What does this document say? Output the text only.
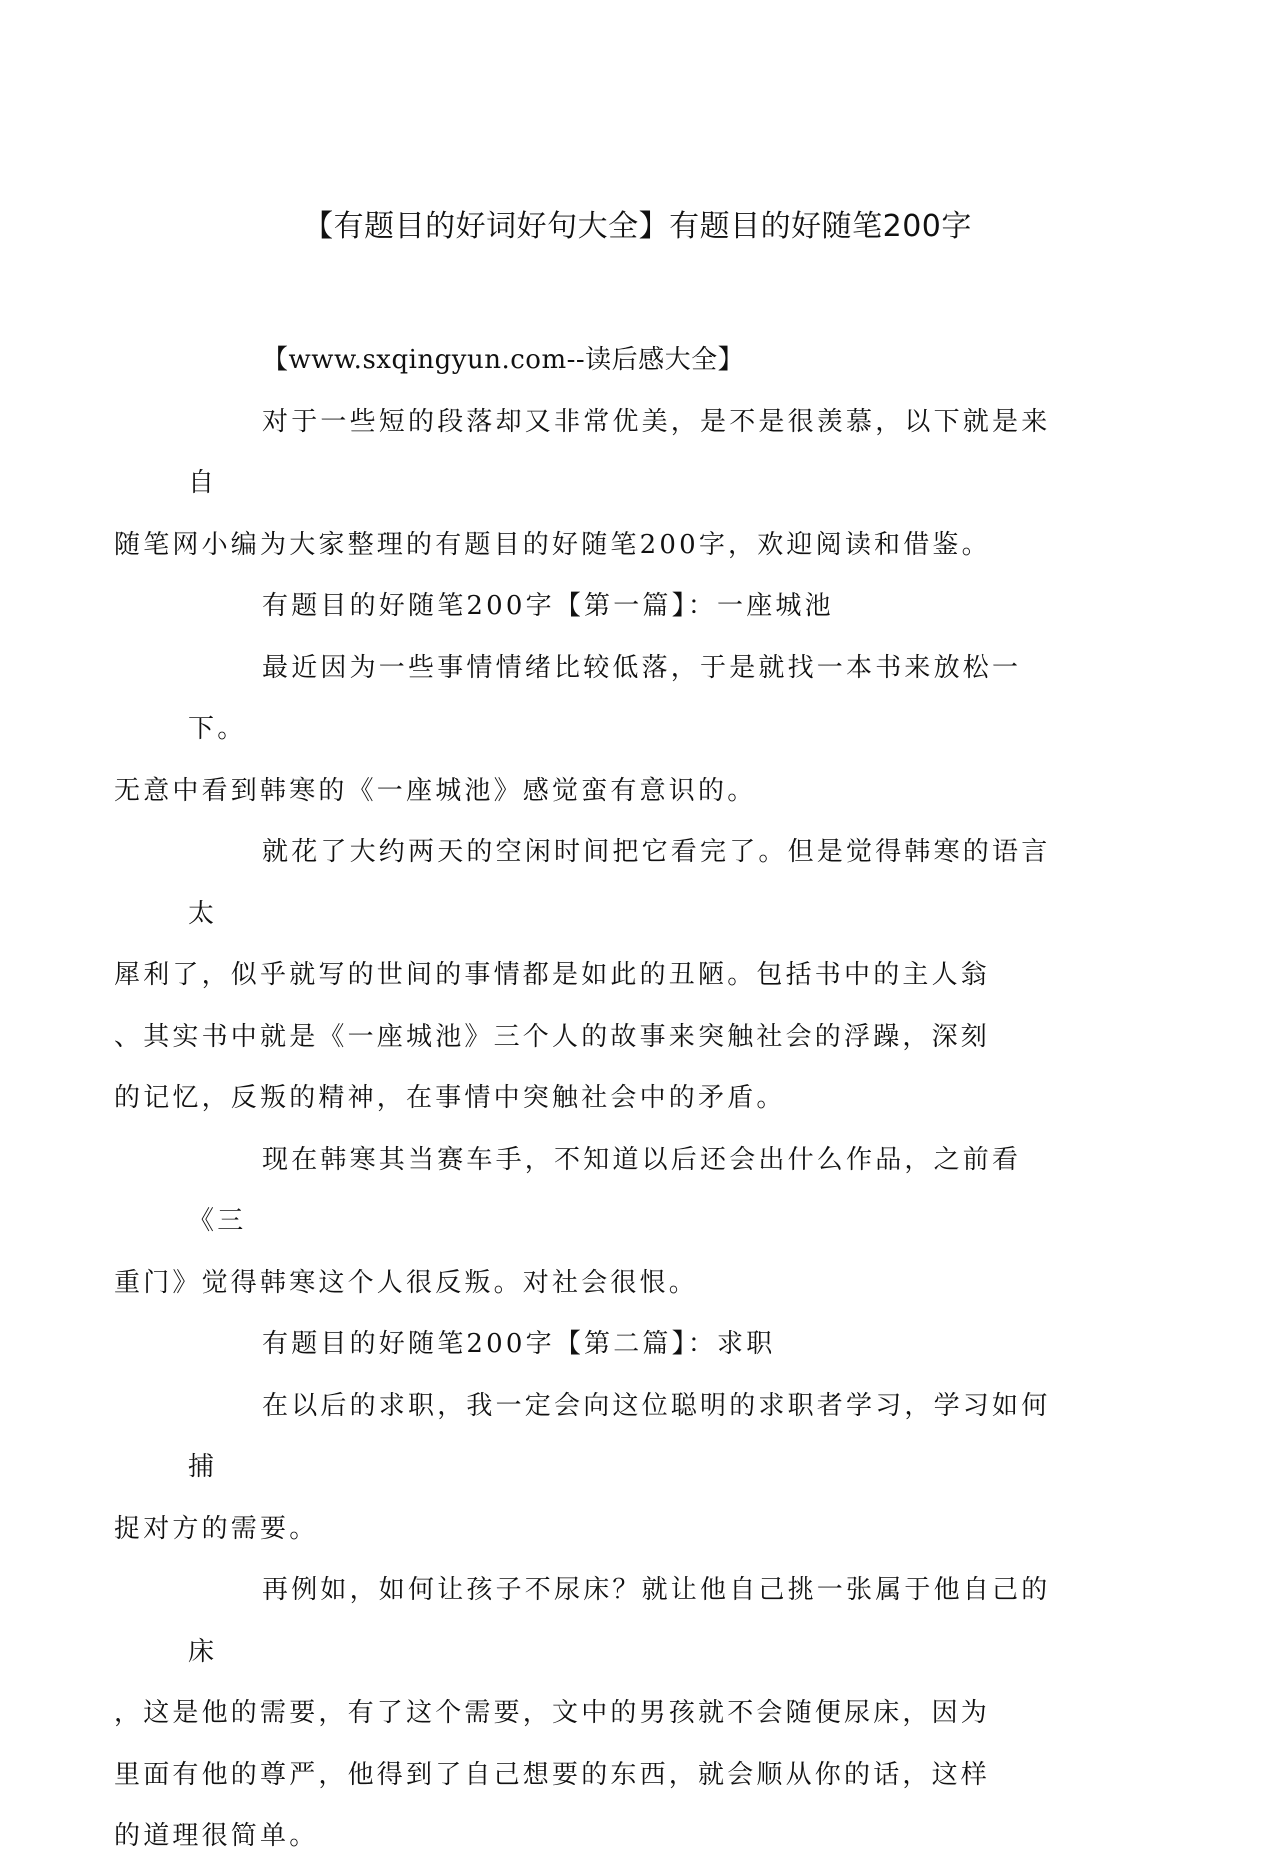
【有题目的好词好句大全】有题目的好随笔200字

【www.sxqingyun.com--读后感大全】

对于一些短的段落却又非常优美，是不是很羡慕，以下就是来自
随笔网小编为大家整理的有题目的好随笔200字，欢迎阅读和借鉴。

有题目的好随笔200字【第一篇】：一座城池

最近因为一些事情情绪比较低落，于是就找一本书来放松一下。
无意中看到韩寒的《一座城池》感觉蛮有意识的。

就花了大约两天的空闲时间把它看完了。但是觉得韩寒的语言太
犀利了，似乎就写的世间的事情都是如此的丑陋。包括书中的主人翁
、其实书中就是《一座城池》三个人的故事来突触社会的浮躁，深刻
的记忆，反叛的精神，在事情中突触社会中的矛盾。

现在韩寒其当赛车手，不知道以后还会出什么作品，之前看《三
重门》觉得韩寒这个人很反叛。对社会很恨。

有题目的好随笔200字【第二篇】：求职

在以后的求职，我一定会向这位聪明的求职者学习，学习如何捕
捉对方的需要。

再例如，如何让孩子不尿床？就让他自己挑一张属于他自己的床
，这是他的需要，有了这个需要，文中的男孩就不会随便尿床，因为
里面有他的尊严，他得到了自己想要的东西，就会顺从你的话，这样
的道理很简单。
